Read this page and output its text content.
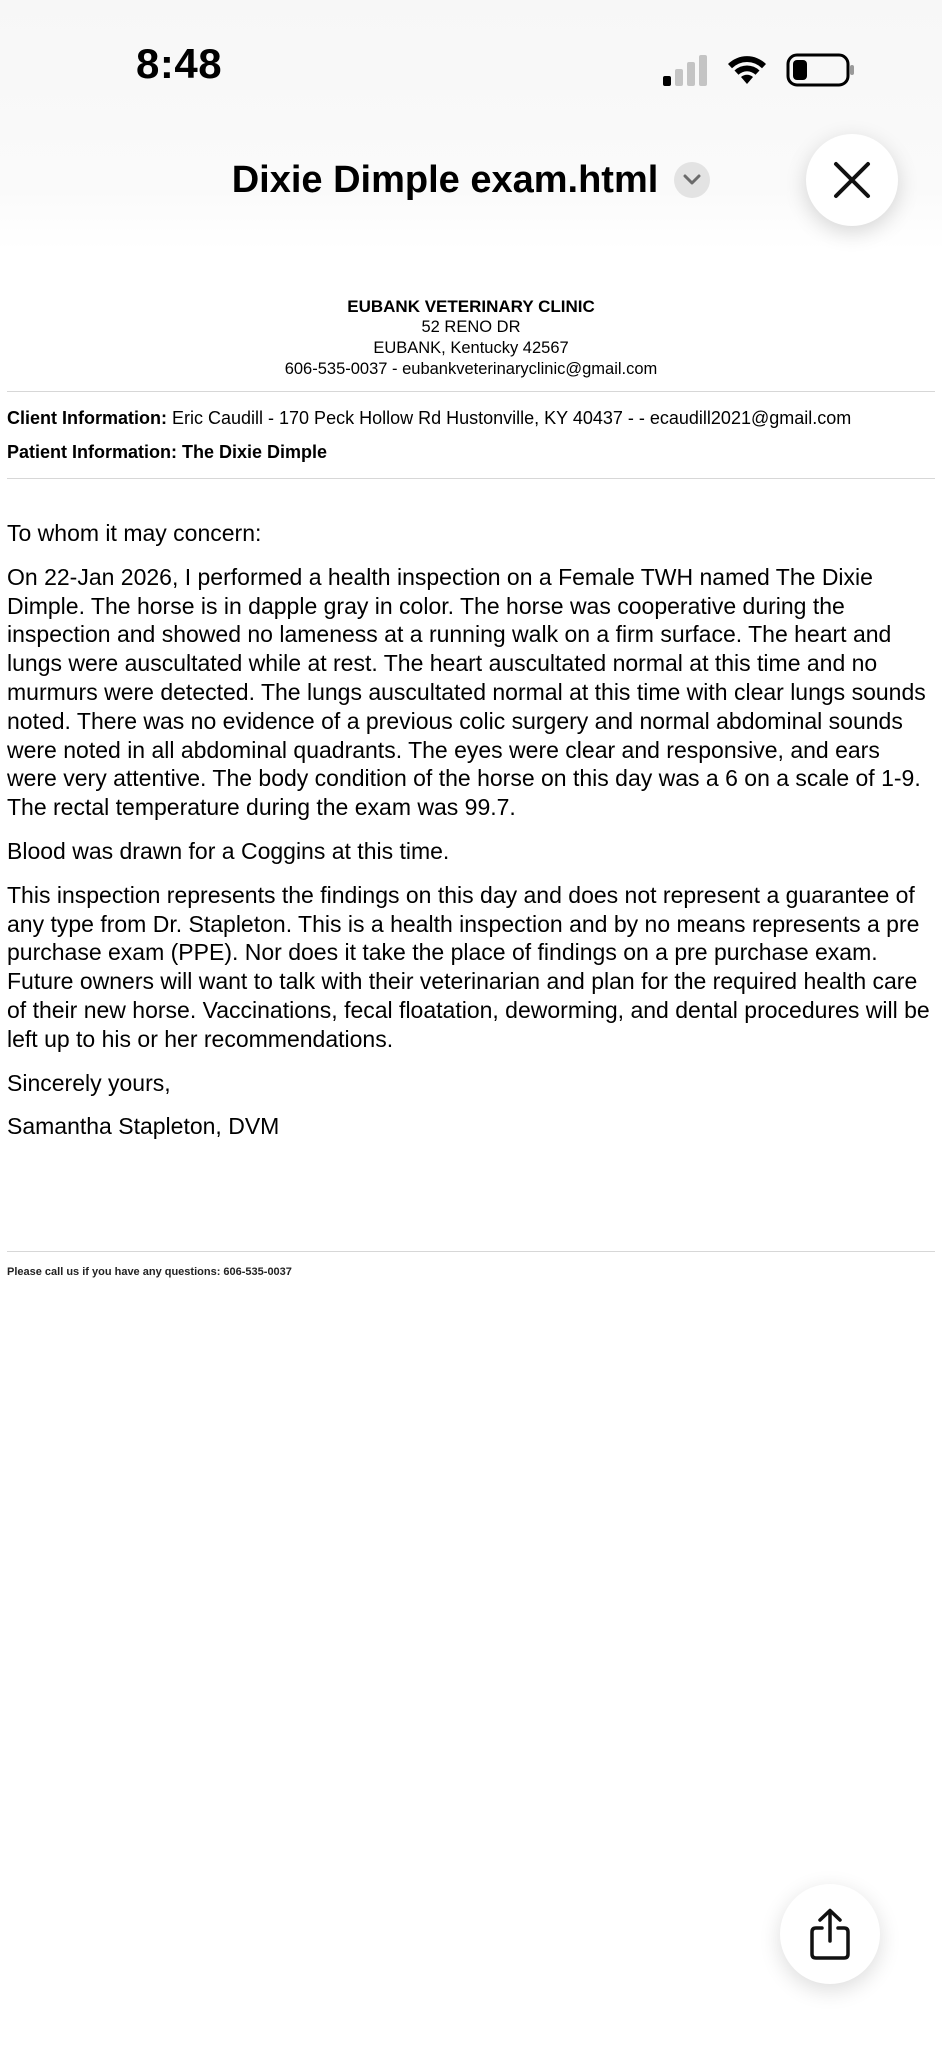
8:48
Dixie Dimple exam.html
EUBANK VETERINARY CLINIC
52 RENO DR
EUBANK, Kentucky 42567
606-535-0037 - eubankveterinaryclinic@gmail.com
Client Information: Eric Caudill - 170 Peck Hollow Rd Hustonville, KY 40437 - - ecaudill2021@gmail.com
Patient Information: The Dixie Dimple

To whom it may concern:

On 22-Jan 2026, I performed a health inspection on a Female TWH named The Dixie Dimple. The horse is in dapple gray in color. The horse was cooperative during the inspection and showed no lameness at a running walk on a firm surface. The heart and lungs were auscultated while at rest. The heart auscultated normal at this time and no murmurs were detected. The lungs auscultated normal at this time with clear lungs sounds noted. There was no evidence of a previous colic surgery and normal abdominal sounds were noted in all abdominal quadrants. The eyes were clear and responsive, and ears were very attentive. The body condition of the horse on this day was a 6 on a scale of 1-9. The rectal temperature during the exam was 99.7.

Blood was drawn for a Coggins at this time.

This inspection represents the findings on this day and does not represent a guarantee of any type from Dr. Stapleton. This is a health inspection and by no means represents a pre purchase exam (PPE). Nor does it take the place of findings on a pre purchase exam. Future owners will want to talk with their veterinarian and plan for the required health care of their new horse. Vaccinations, fecal floatation, deworming, and dental procedures will be left up to his or her recommendations.

Sincerely yours,

Samantha Stapleton, DVM

Please call us if you have any questions: 606-535-0037
